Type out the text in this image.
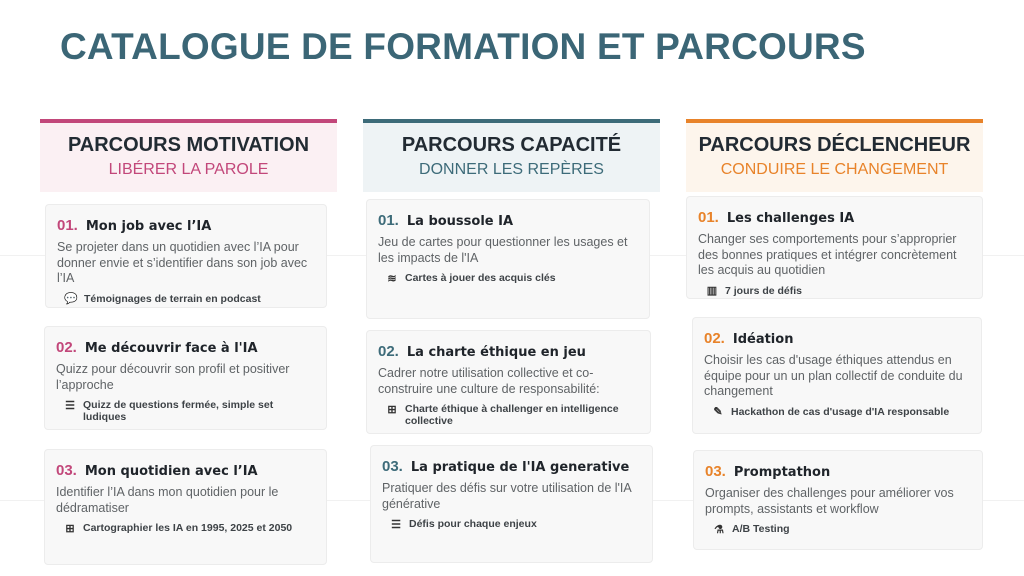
CATALOGUE DE FORMATION ET PARCOURS
PARCOURS MOTIVATION
LIBÉRER LA PAROLE
01. Mon job avec l’IA
Se projeter dans un quotidien avec l’IA pour donner envie et s’identifier dans son job avec l’IA
💬 Témoignages de terrain en podcast
02. Me découvrir face à l'IA
Quizz pour découvrir son profil et positiver l’approche
☰ Quizz de questions fermée, simple set ludiques
03. Mon quotidien avec l’IA
Identifier l’IA dans mon quotidien pour le dédramatiser
⊞ Cartographier les IA en 1995, 2025 et 2050
PARCOURS CAPACITÉ
DONNER LES REPÈRES
01. La boussole IA
Jeu de cartes pour questionner les usages et les impacts de l'IA
≋ Cartes à jouer des acquis clés
02. La charte éthique en jeu
Cadrer notre utilisation collective et co-construire une culture de responsabilité:
⊞ Charte éthique à challenger en intelligence collective
03. La pratique de l'IA generative
Pratiquer des défis sur votre utilisation de l'IA générative
☰ Défis pour chaque enjeux
PARCOURS DÉCLENCHEUR
CONDUIRE LE CHANGEMENT
01. Les challenges IA
Changer ses comportements pour s’approprier des bonnes pratiques et intégrer concrètement les acquis au quotidien
▥ 7 jours de défis
02. Idéation
Choisir les cas d'usage éthiques attendus en équipe pour un un plan collectif de conduite du changement
✎ Hackathon de cas d'usage d'IA responsable
03. Promptathon
Organiser des challenges pour améliorer vos prompts, assistants et workflow
⚗ A/B Testing
